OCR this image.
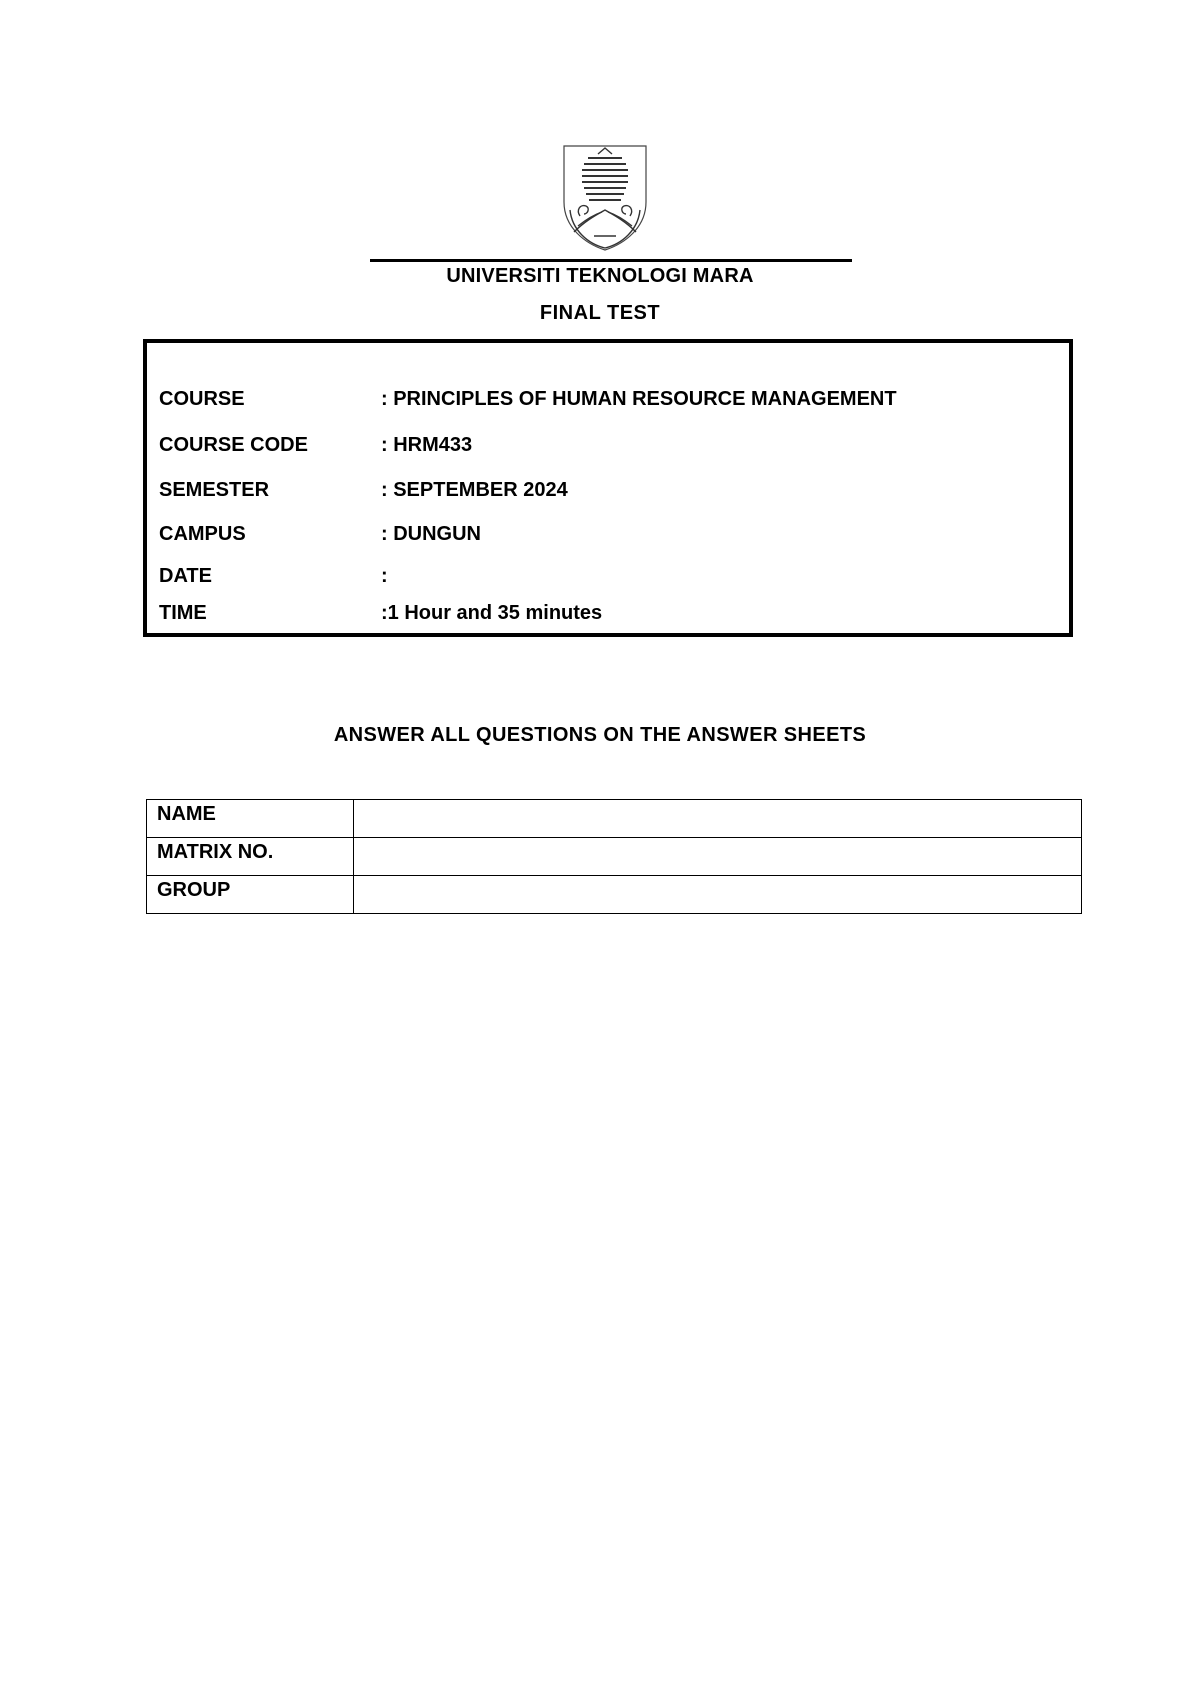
UNIVERSITI TEKNOLOGI MARA
FINAL TEST
COURSE	: PRINCIPLES OF HUMAN RESOURCE MANAGEMENT
COURSE CODE	: HRM433
SEMESTER	: SEPTEMBER 2024
CAMPUS	: DUNGUN
DATE	:
TIME	:1 Hour and 35 minutes
ANSWER ALL QUESTIONS ON THE ANSWER SHEETS
NAME	
MATRIX NO.	
GROUP	
